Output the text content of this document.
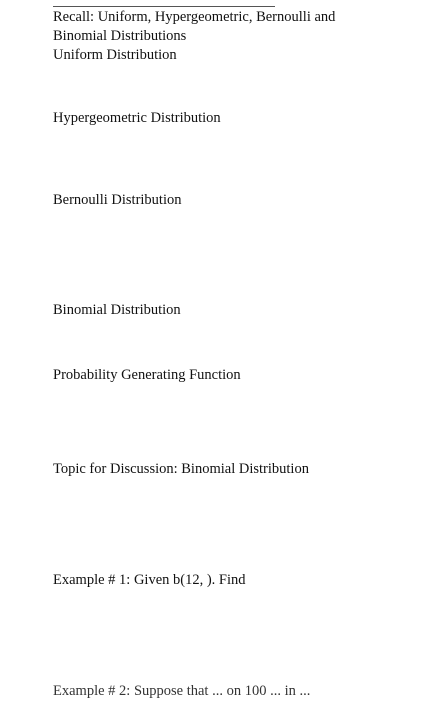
Recall: Uniform, Hypergeometric, Bernoulli and
Binomial Distributions
Uniform Distribution
Hypergeometric Distribution
Bernoulli Distribution
Binomial Distribution
Probability Generating Function
Topic for Discussion: Binomial Distribution
Example # 1: Given b(12, ). Find
Example # 2: Suppose that ... on 100 ... in ...
